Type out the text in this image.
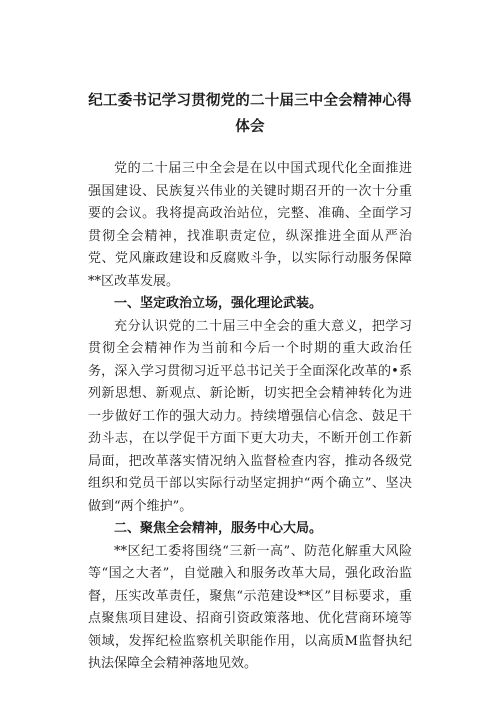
纪工委书记学习贯彻党的二十届三中全会精神心得体会

党的二十届三中全会是在以中国式现代化全面推进强国建设、民族复兴伟业的关键时期召开的一次十分重要的会议。我将提高政治站位，完整、准确、全面学习贯彻全会精神，找准职责定位，纵深推进全面从严治党、党风廉政建设和反腐败斗争，以实际行动服务保障**区改革发展。

一、坚定政治立场，强化理论武装。

充分认识党的二十届三中全会的重大意义，把学习贯彻全会精神作为当前和今后一个时期的重大政治任务，深入学习贯彻习近平总书记关于全面深化改革的•系列新思想、新观点、新论断，切实把全会精神转化为进一步做好工作的强大动力。持续增强信心信念、鼓足干劲斗志，在以学促干方面下更大功夫，不断开创工作新局面，把改革落实情况纳入监督检查内容，推动各级党组织和党员干部以实际行动坚定拥护“两个确立”、坚决做到“两个维护”。

二、聚焦全会精神，服务中心大局。

**区纪工委将围绕“三新一高”、防范化解重大风险等“国之大者”，自觉融入和服务改革大局，强化政治监督，压实改革责任，聚焦“示范建设**区”目标要求，重点聚焦项目建设、招商引资政策落地、优化营商环境等领域，发挥纪检监察机关职能作用，以高质M监督执纪执法保障全会精神落地见效。
